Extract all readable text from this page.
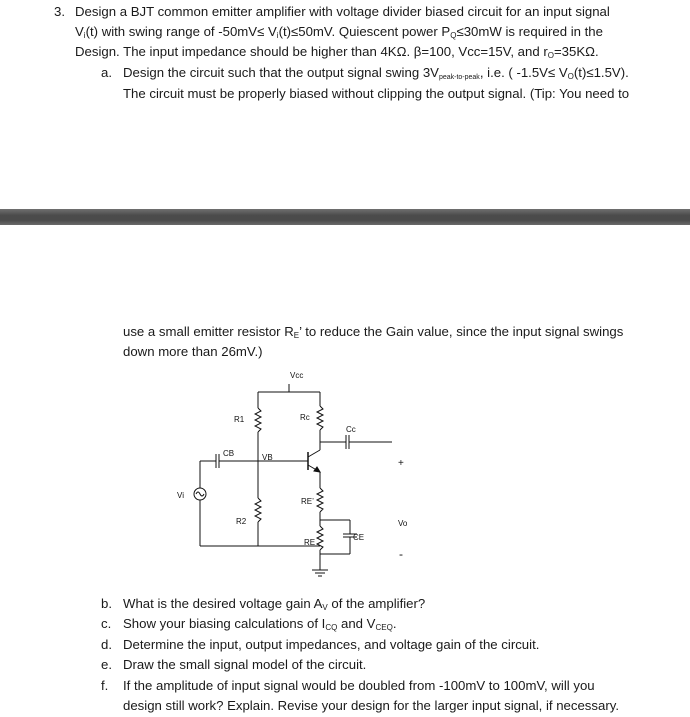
3. Design a BJT common emitter amplifier with voltage divider biased circuit for an input signal
$V_i(t)$ with swing range of $-50mV\le V_i(t)\le 50mV$. Quiescent power $P_Q\le 30mW$ is required in the
Design. The input impedance should be higher than 4KΩ. β=100, Vcc=15V, and $r_O=35K\Omega$.
a. Design the circuit such that the output signal swing $3V_{peak-to-peak}$, i.e. ( $-1.5V\le V_O(t)\le 1.5V$).
The circuit must be properly biased without clipping the output signal. (Tip: You need to
use a small emitter resistor $R_E$’ to reduce the Gain value, since the input signal swings
down more than 26mV.)
Vcc
R1	Rc
Cc
CB	VB
Vi
RE’
R2
RE
CE
Vo
+
-
b. What is the desired voltage gain $A_V$ of the amplifier?
c. Show your biasing calculations of $I_{CQ}$ and $V_{CEQ}$.
d. Determine the input, output impedances, and voltage gain of the circuit.
e. Draw the small signal model of the circuit.
f. If the amplitude of input signal would be doubled from -100mV to 100mV, will you
design still work? Explain. Revise your design for the larger input signal, if necessary.
